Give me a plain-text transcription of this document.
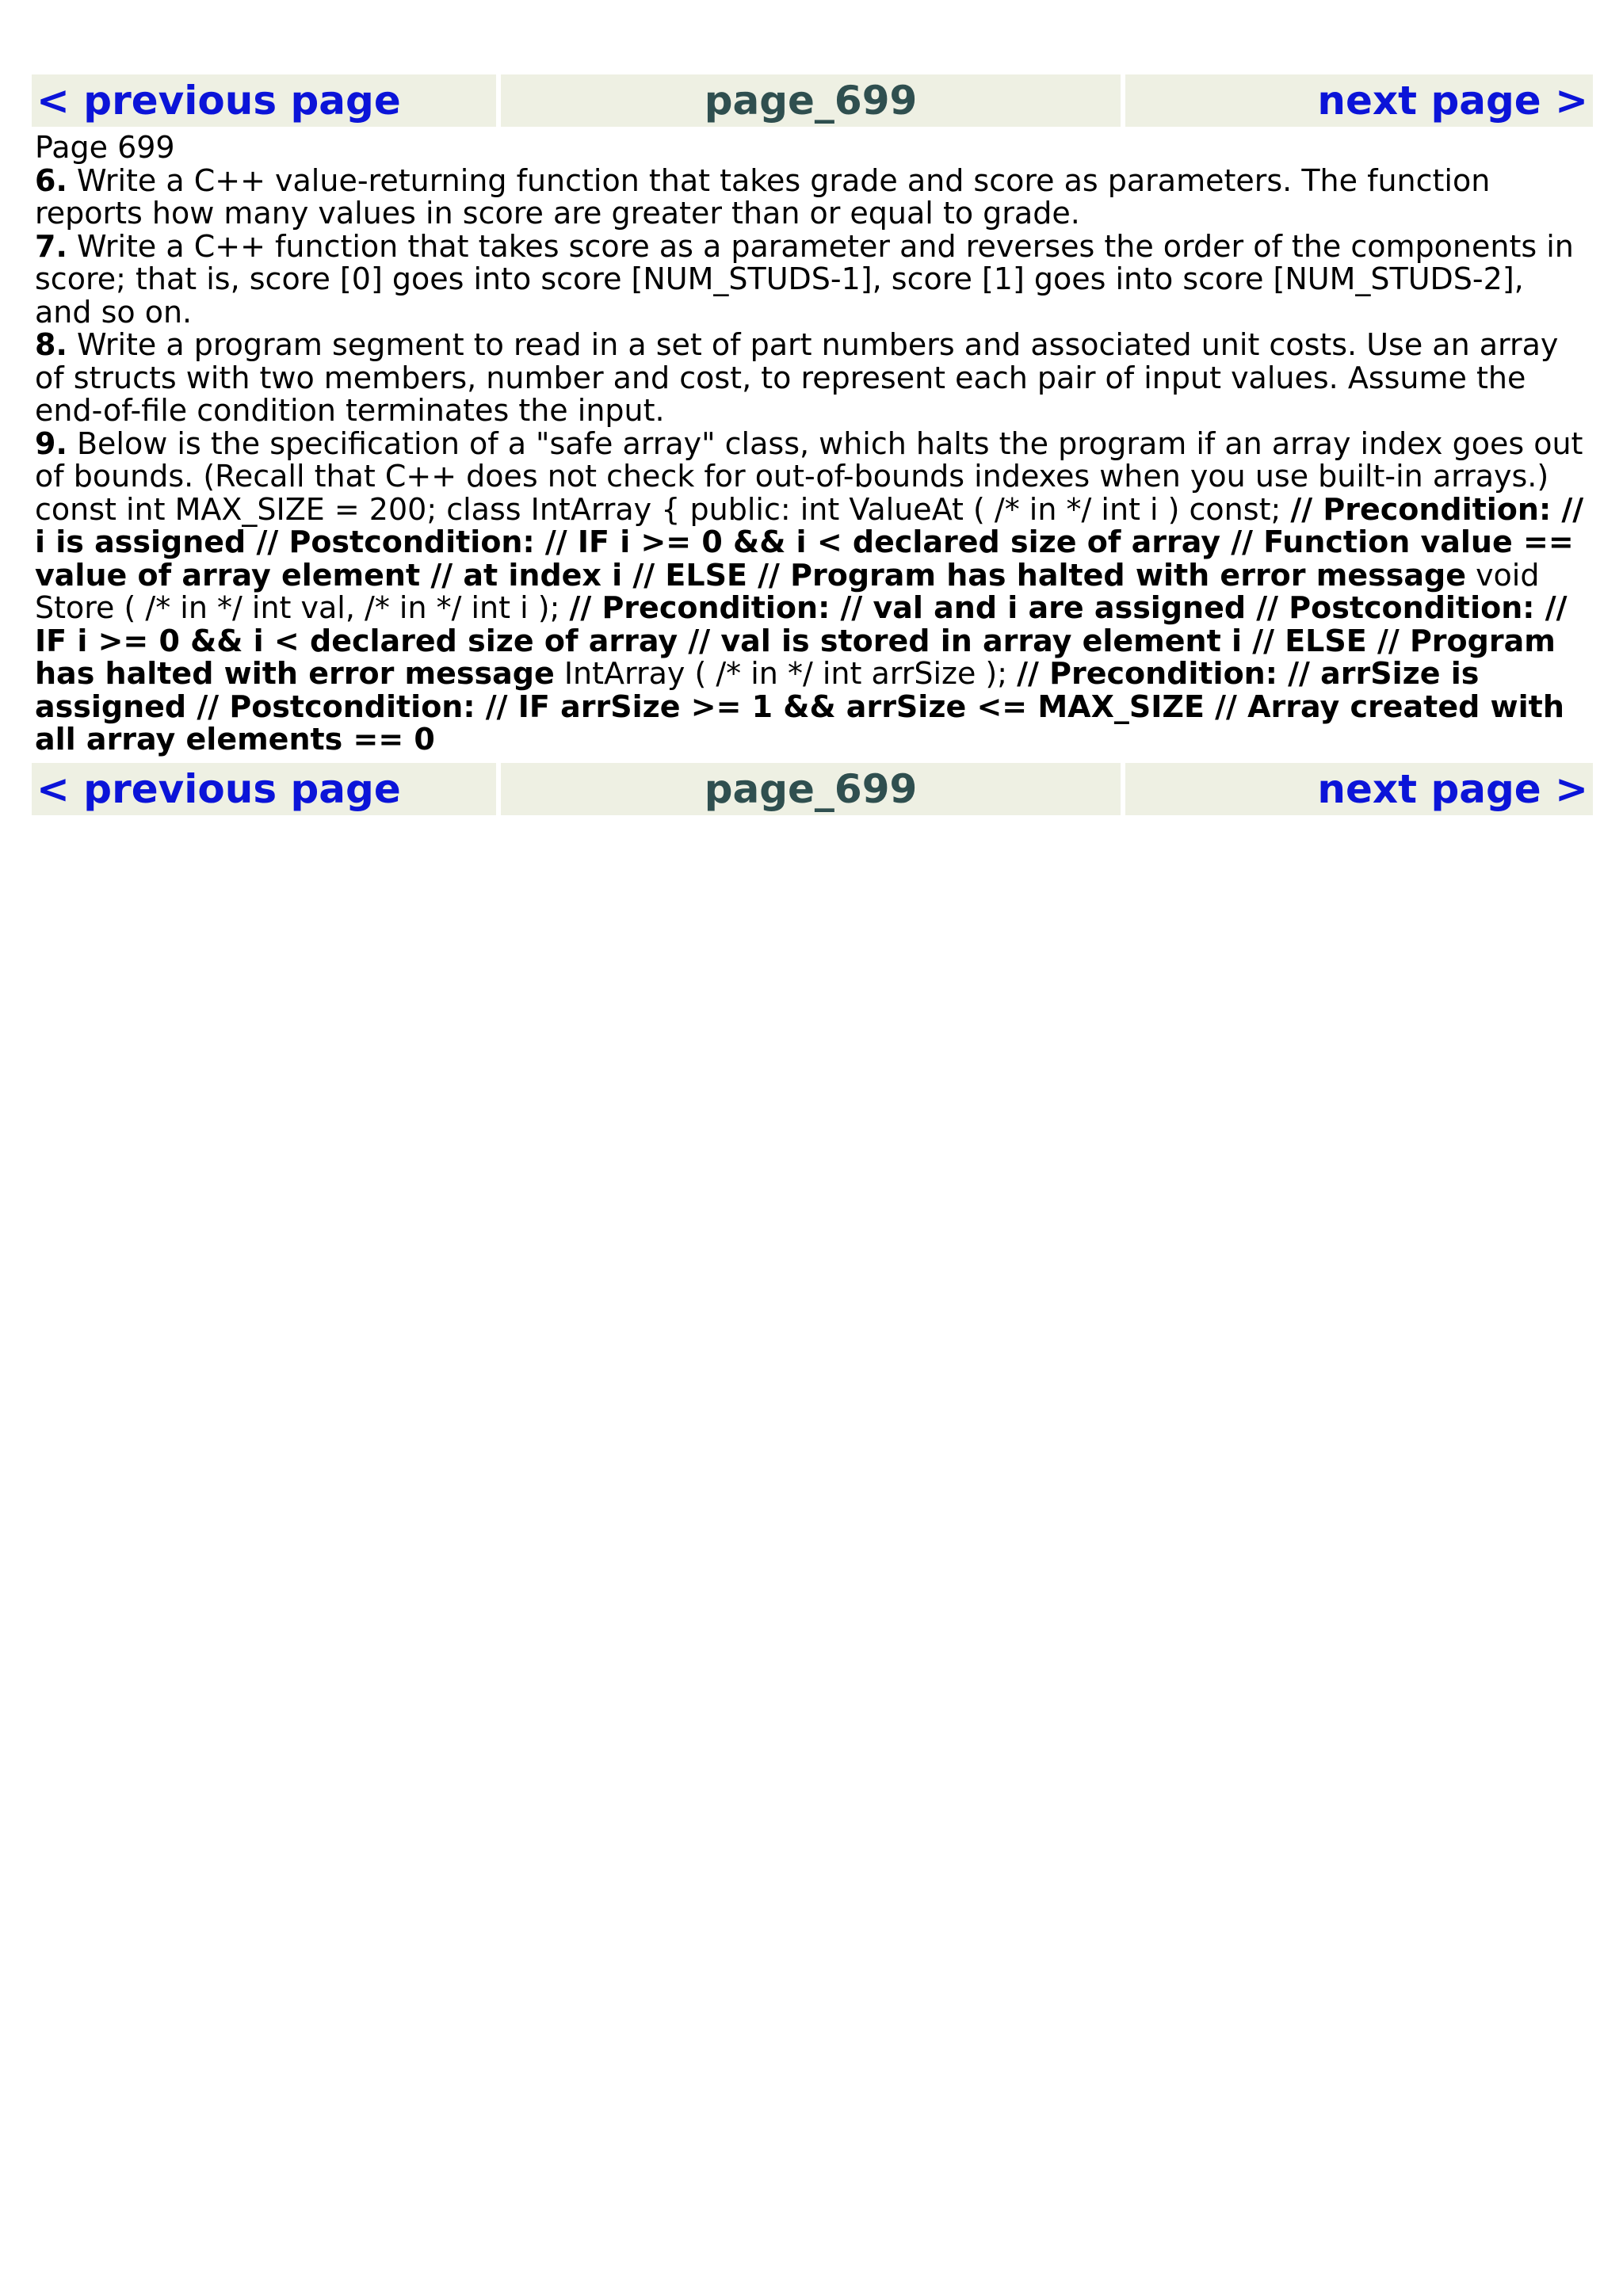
< previous page	page_699	next page >

Page 699

6. Write a C++ value-returning function that takes grade and score as parameters. The function reports how many values in score are greater than or equal to grade.

7. Write a C++ function that takes score as a parameter and reverses the order of the components in score; that is, score [0] goes into score [NUM_STUDS-1], score [1] goes into score [NUM_STUDS-2], and so on.

8. Write a program segment to read in a set of part numbers and associated unit costs. Use an array of structs with two members, number and cost, to represent each pair of input values. Assume the end-of-file condition terminates the input.

9. Below is the specification of a "safe array" class, which halts the program if an array index goes out of bounds. (Recall that C++ does not check for out-of-bounds indexes when you use built-in arrays.)

const int MAX_SIZE = 200; class IntArray { public: int ValueAt ( /* in */ int i ) const; // Precondition: // i is assigned // Postcondition: // IF i >= 0 && i < declared size of array // Function value == value of array element // at index i // ELSE // Program has halted with error message void Store ( /* in */ int val, /* in */ int i ); // Precondition: // val and i are assigned // Postcondition: // IF i >= 0 && i < declared size of array // val is stored in array element i // ELSE // Program has halted with error message IntArray ( /* in */ int arrSize ); // Precondition: // arrSize is assigned // Postcondition: // IF arrSize >= 1 && arrSize <= MAX_SIZE // Array created with all array elements == 0

< previous page	page_699	next page >
